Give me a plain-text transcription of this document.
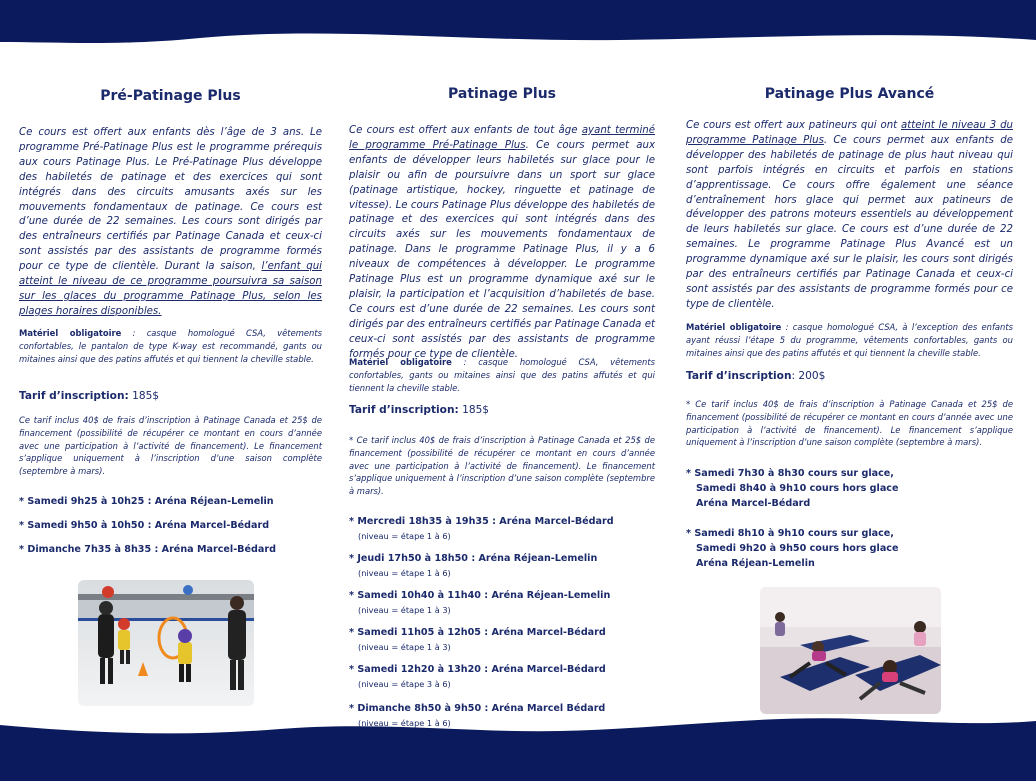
Pré-Patinage Plus

Ce cours est offert aux enfants dès l’âge de 3 ans. Le programme Pré-Patinage Plus est le programme prérequis aux cours Patinage Plus. Le Pré-Patinage Plus développe des habiletés de patinage et des exercices qui sont intégrés dans des circuits amusants axés sur les mouvements fondamentaux de patinage. Ce cours est d’une durée de 22 semaines. Les cours sont dirigés par des entraîneurs certifiés par Patinage Canada et ceux-ci sont assistés par des assistants de programme formés pour ce type de clientèle. Durant la saison, l’enfant qui atteint le niveau de ce programme poursuivra sa saison sur les glaces du programme Patinage Plus, selon les plages horaires disponibles.

Matériel obligatoire : casque homologué CSA, vêtements confortables, le pantalon de type K-way est recommandé, gants ou mitaines ainsi que des patins affutés et qui tiennent la cheville stable.

Tarif d’inscription: 185$

Ce tarif inclus 40$ de frais d’inscription à Patinage Canada et 25$ de financement (possibilité de récupérer ce montant en cours d’année avec une participation à l’activité de financement). Le financement s’applique uniquement à l’inscription d’une saison complète (septembre à mars).

* Samedi 9h25 à 10h25 : Aréna Réjean-Lemelin

* Samedi 9h50 à 10h50 : Aréna Marcel-Bédard

* Dimanche 7h35 à 8h35 : Aréna Marcel-Bédard

Patinage Plus

Ce cours est offert aux enfants de tout âge ayant terminé le programme Pré-Patinage Plus. Ce cours permet aux enfants de développer leurs habiletés sur glace pour le plaisir ou afin de poursuivre dans un sport sur glace (patinage artistique, hockey, ringuette et patinage de vitesse). Le cours Patinage Plus développe des habiletés de patinage et des exercices qui sont intégrés dans des circuits axés sur les mouvements fondamentaux de patinage. Dans le programme Patinage Plus, il y a 6 niveaux de compétences à développer. Le programme Patinage Plus est un programme dynamique axé sur le plaisir, la participation et l’acquisition d’habiletés de base. Ce cours est d’une durée de 22 semaines. Les cours sont dirigés par des entraîneurs certifiés par Patinage Canada et ceux-ci sont assistés par des assistants de programme formés pour ce type de clientèle.

Matériel obligatoire : casque homologué CSA, vêtements confortables, gants ou mitaines ainsi que des patins affutés et qui tiennent la cheville stable.

Tarif d’inscription: 185$

* Ce tarif inclus 40$ de frais d’inscription à Patinage Canada et 25$ de financement (possibilité de récupérer ce montant en cours d’année avec une participation à l’activité de financement). Le financement s’applique uniquement à l’inscription d’une saison complète (septembre à mars).

* Mercredi 18h35 à 19h35 : Aréna Marcel-Bédard

(niveau = étape 1 à 6)

* Jeudi 17h50 à 18h50 : Aréna Réjean-Lemelin

(niveau = étape 1 à 6)

* Samedi 10h40 à 11h40 : Aréna Réjean-Lemelin

(niveau = étape 1 à 3)

* Samedi 11h05 à 12h05 : Aréna Marcel-Bédard

(niveau = étape 1 à 3)

* Samedi 12h20 à 13h20 : Aréna Marcel-Bédard

(niveau = étape 3 à 6)

* Dimanche 8h50 à 9h50 : Aréna Marcel Bédard

(niveau = étape 1 à 6)

Patinage Plus Avancé

Ce cours est offert aux patineurs qui ont atteint le niveau 3 du programme Patinage Plus. Ce cours permet aux enfants de développer des habiletés de patinage de plus haut niveau qui sont parfois intégrés en circuits et parfois en stations d’apprentissage. Ce cours offre également une séance d’entraînement hors glace qui permet aux patineurs de développer des patrons moteurs essentiels au développement de leurs habiletés sur glace. Ce cours est d’une durée de 22 semaines. Le programme Patinage Plus Avancé est un programme dynamique axé sur le plaisir, les cours sont dirigés par des entraîneurs certifiés par Patinage Canada et ceux-ci sont assistés par des assistants de programme formés pour ce type de clientèle.

Matériel obligatoire : casque homologué CSA, à l’exception des enfants ayant réussi l’étape 5 du programme, vêtements confortables, gants ou mitaines ainsi que des patins affutés et qui tiennent la cheville stable.

Tarif d’inscription: 200$

* Ce tarif inclus 40$ de frais d’inscription à Patinage Canada et 25$ de financement (possibilité de récupérer ce montant en cours d’année avec une participation à l’activité de financement). Le financement s’applique uniquement à l’inscription d’une saison complète (septembre à mars).

* Samedi 7h30 à 8h30 cours sur glace,

Samedi 8h40 à 9h10 cours hors glace

Aréna Marcel-Bédard

* Samedi 8h10 à 9h10 cours sur glace,

Samedi 9h20 à 9h50 cours hors glace

Aréna Réjean-Lemelin
